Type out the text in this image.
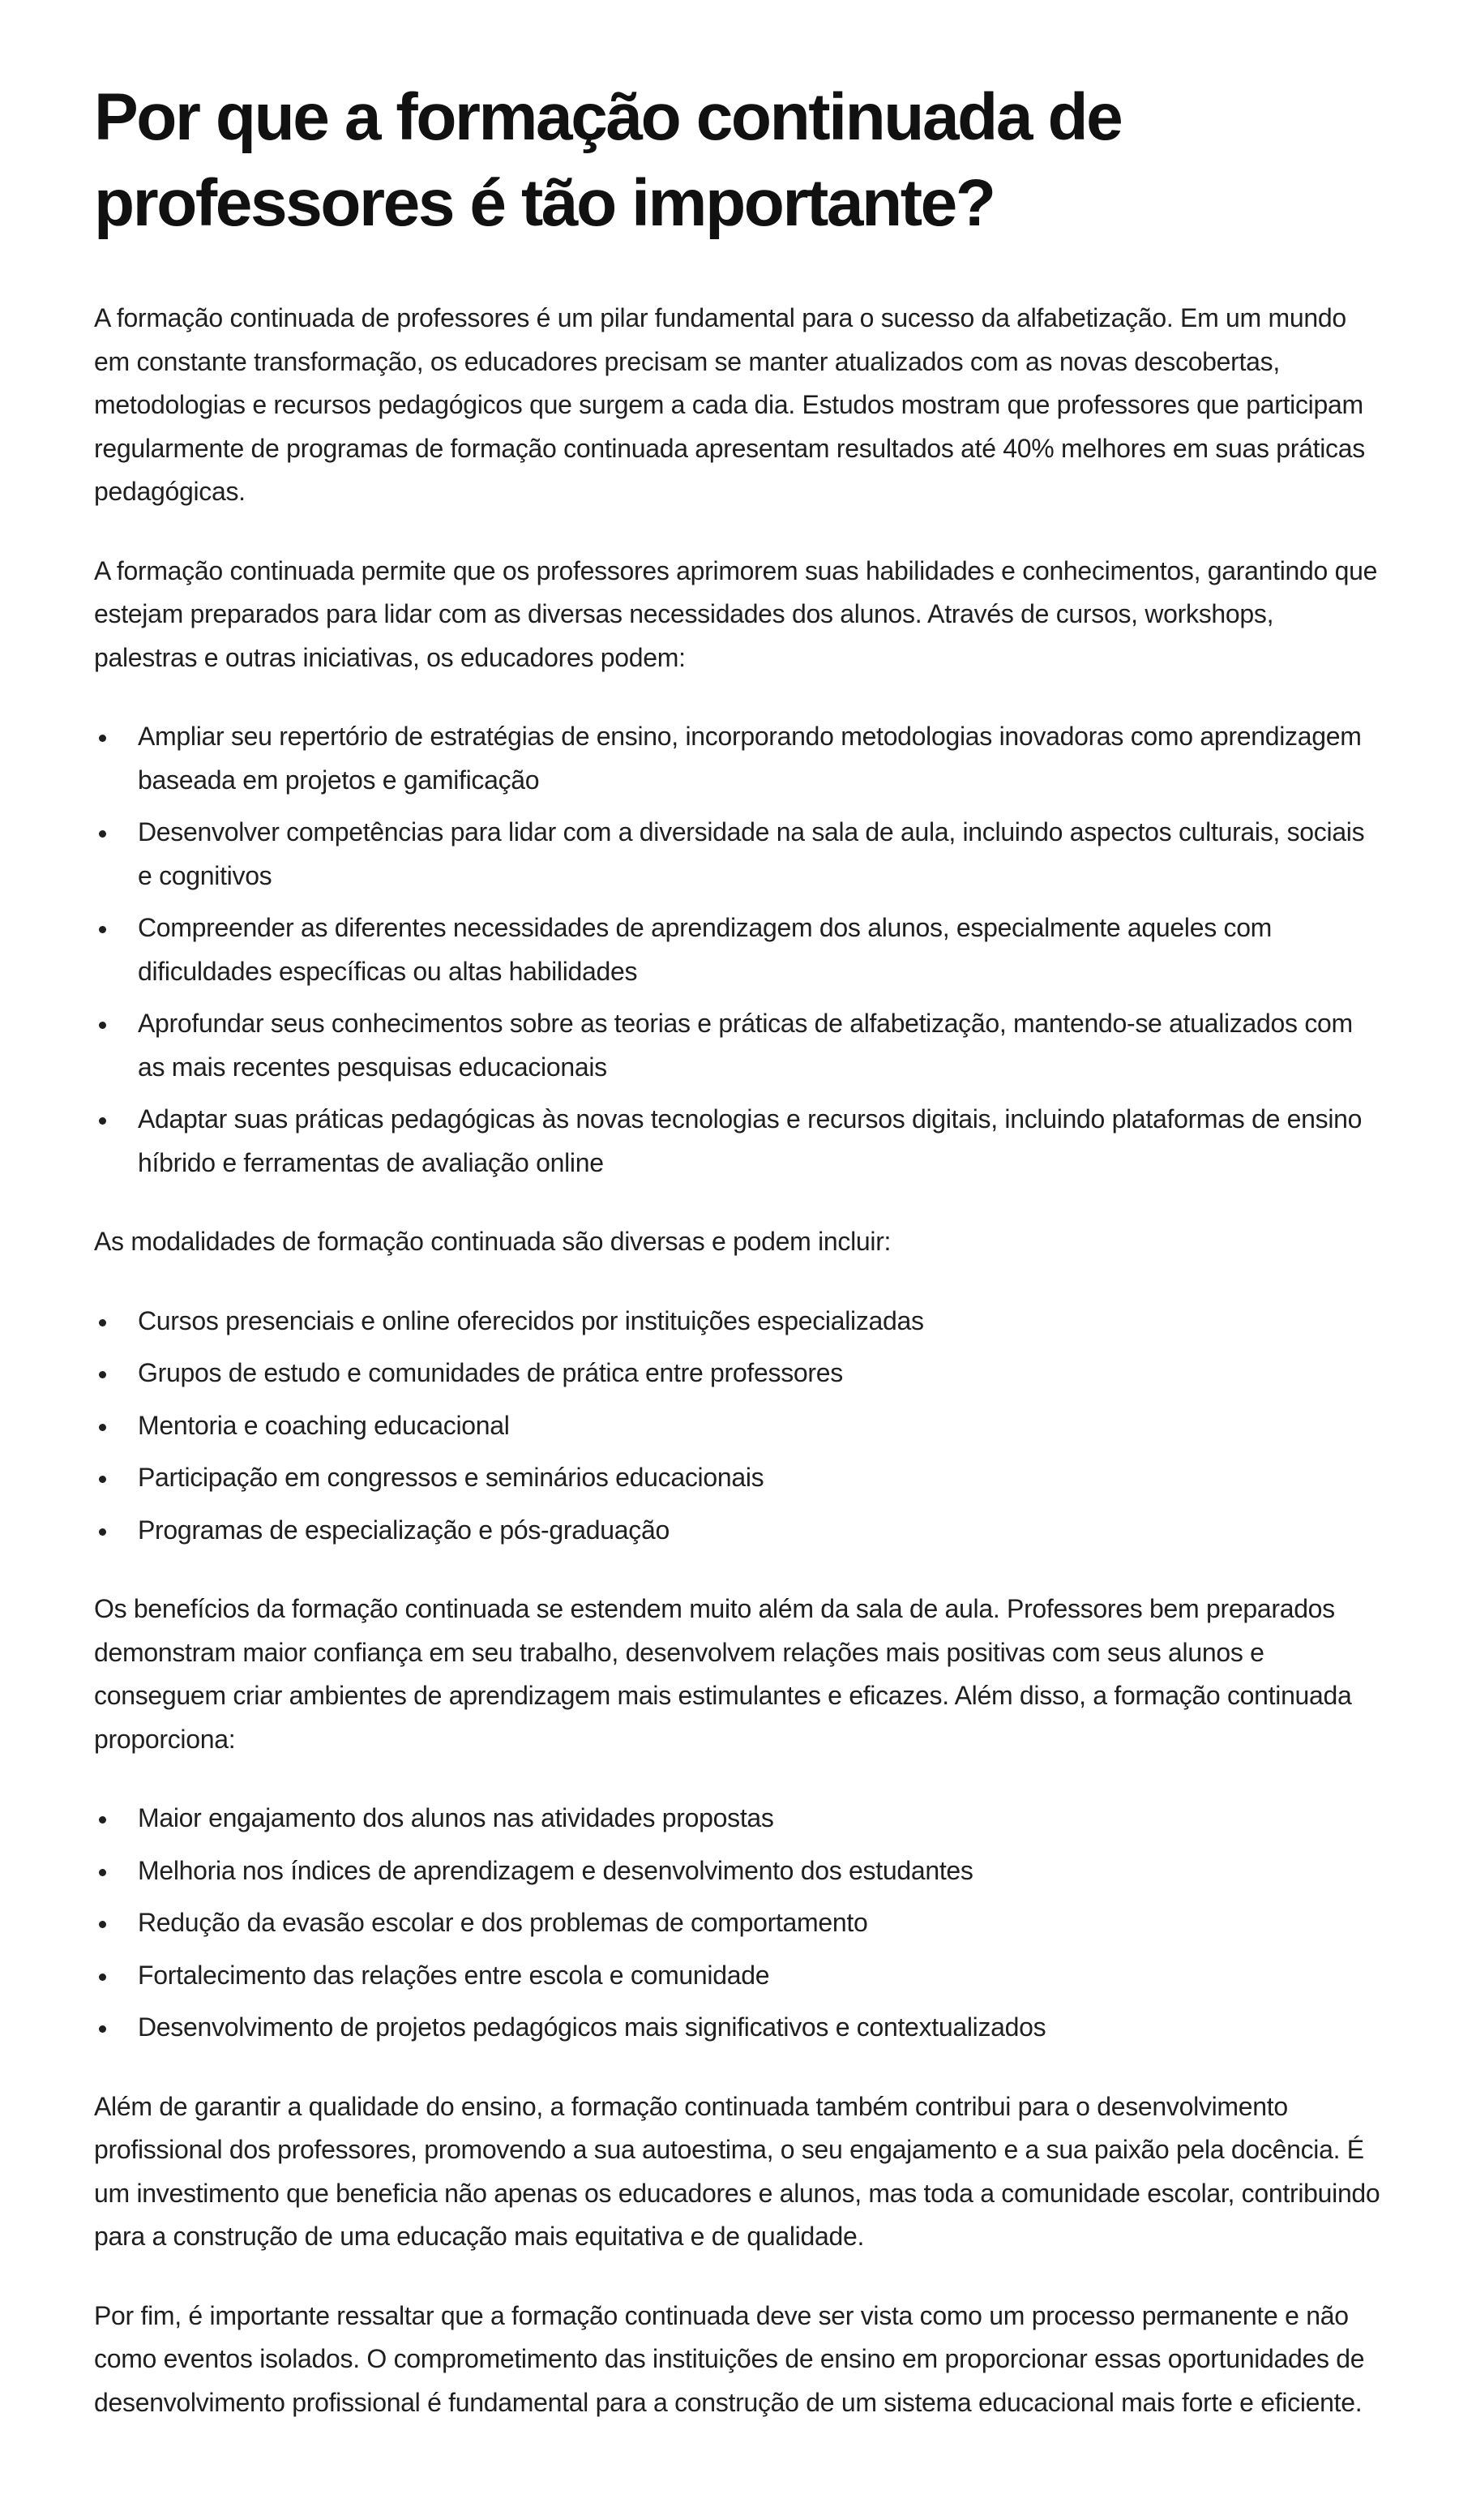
Por que a formação continuada de professores é tão importante?

A formação continuada de professores é um pilar fundamental para o sucesso da alfabetização. Em um mundo em constante transformação, os educadores precisam se manter atualizados com as novas descobertas, metodologias e recursos pedagógicos que surgem a cada dia. Estudos mostram que professores que participam regularmente de programas de formação continuada apresentam resultados até 40% melhores em suas práticas pedagógicas.

A formação continuada permite que os professores aprimorem suas habilidades e conhecimentos, garantindo que estejam preparados para lidar com as diversas necessidades dos alunos. Através de cursos, workshops, palestras e outras iniciativas, os educadores podem:

Ampliar seu repertório de estratégias de ensino, incorporando metodologias inovadoras como aprendizagem baseada em projetos e gamificação
Desenvolver competências para lidar com a diversidade na sala de aula, incluindo aspectos culturais, sociais e cognitivos
Compreender as diferentes necessidades de aprendizagem dos alunos, especialmente aqueles com dificuldades específicas ou altas habilidades
Aprofundar seus conhecimentos sobre as teorias e práticas de alfabetização, mantendo-se atualizados com as mais recentes pesquisas educacionais
Adaptar suas práticas pedagógicas às novas tecnologias e recursos digitais, incluindo plataformas de ensino híbrido e ferramentas de avaliação online

As modalidades de formação continuada são diversas e podem incluir:

Cursos presenciais e online oferecidos por instituições especializadas
Grupos de estudo e comunidades de prática entre professores
Mentoria e coaching educacional
Participação em congressos e seminários educacionais
Programas de especialização e pós-graduação

Os benefícios da formação continuada se estendem muito além da sala de aula. Professores bem preparados demonstram maior confiança em seu trabalho, desenvolvem relações mais positivas com seus alunos e conseguem criar ambientes de aprendizagem mais estimulantes e eficazes. Além disso, a formação continuada proporciona:

Maior engajamento dos alunos nas atividades propostas
Melhoria nos índices de aprendizagem e desenvolvimento dos estudantes
Redução da evasão escolar e dos problemas de comportamento
Fortalecimento das relações entre escola e comunidade
Desenvolvimento de projetos pedagógicos mais significativos e contextualizados

Além de garantir a qualidade do ensino, a formação continuada também contribui para o desenvolvimento profissional dos professores, promovendo a sua autoestima, o seu engajamento e a sua paixão pela docência. É um investimento que beneficia não apenas os educadores e alunos, mas toda a comunidade escolar, contribuindo para a construção de uma educação mais equitativa e de qualidade.

Por fim, é importante ressaltar que a formação continuada deve ser vista como um processo permanente e não como eventos isolados. O comprometimento das instituições de ensino em proporcionar essas oportunidades de desenvolvimento profissional é fundamental para a construção de um sistema educacional mais forte e eficiente.
